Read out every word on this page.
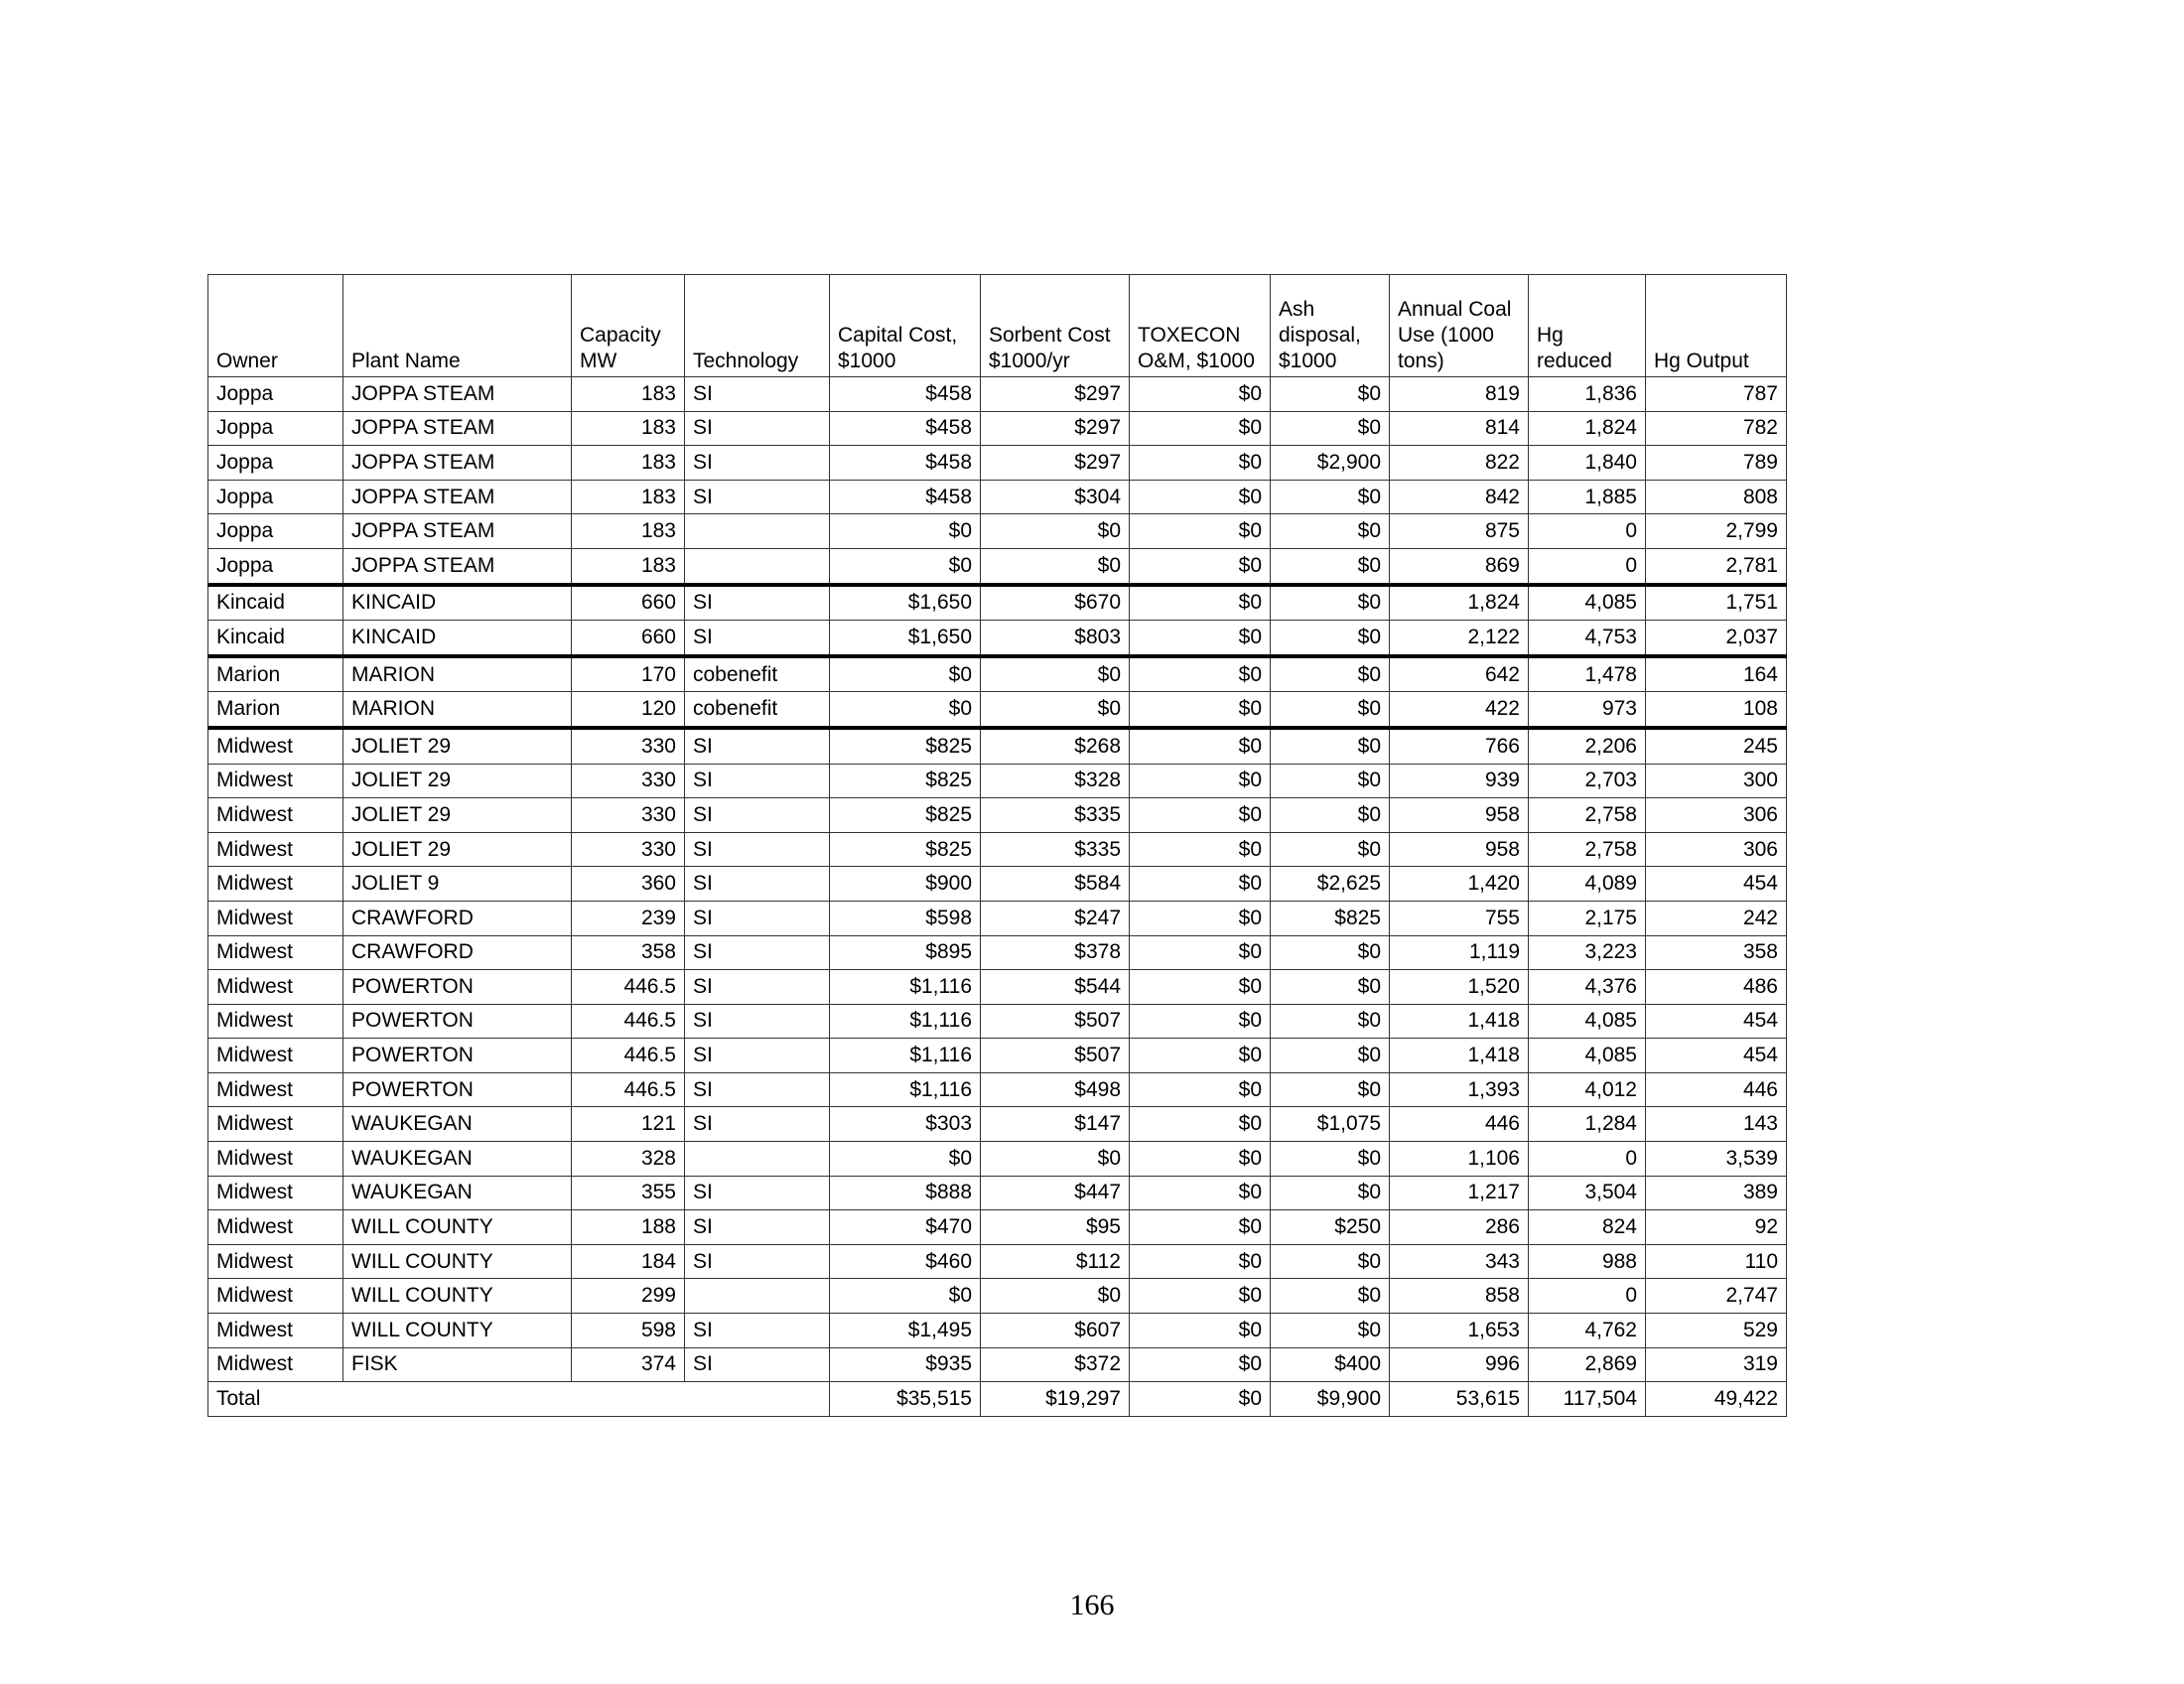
Owner	Plant Name	Capacity MW	Technology	Capital Cost, $1000	Sorbent Cost $1000/yr	TOXECON O&M, $1000	Ash disposal, $1000	Annual Coal Use (1000 tons)	Hg reduced	Hg Output
Joppa	JOPPA STEAM	183	SI	$458	$297	$0	$0	819	1,836	787
Joppa	JOPPA STEAM	183	SI	$458	$297	$0	$0	814	1,824	782
Joppa	JOPPA STEAM	183	SI	$458	$297	$0	$2,900	822	1,840	789
Joppa	JOPPA STEAM	183	SI	$458	$304	$0	$0	842	1,885	808
Joppa	JOPPA STEAM	183		$0	$0	$0	$0	875	0	2,799
Joppa	JOPPA STEAM	183		$0	$0	$0	$0	869	0	2,781
Kincaid	KINCAID	660	SI	$1,650	$670	$0	$0	1,824	4,085	1,751
Kincaid	KINCAID	660	SI	$1,650	$803	$0	$0	2,122	4,753	2,037
Marion	MARION	170	cobenefit	$0	$0	$0	$0	642	1,478	164
Marion	MARION	120	cobenefit	$0	$0	$0	$0	422	973	108
Midwest	JOLIET 29	330	SI	$825	$268	$0	$0	766	2,206	245
Midwest	JOLIET 29	330	SI	$825	$328	$0	$0	939	2,703	300
Midwest	JOLIET 29	330	SI	$825	$335	$0	$0	958	2,758	306
Midwest	JOLIET 29	330	SI	$825	$335	$0	$0	958	2,758	306
Midwest	JOLIET 9	360	SI	$900	$584	$0	$2,625	1,420	4,089	454
Midwest	CRAWFORD	239	SI	$598	$247	$0	$825	755	2,175	242
Midwest	CRAWFORD	358	SI	$895	$378	$0	$0	1,119	3,223	358
Midwest	POWERTON	446.5	SI	$1,116	$544	$0	$0	1,520	4,376	486
Midwest	POWERTON	446.5	SI	$1,116	$507	$0	$0	1,418	4,085	454
Midwest	POWERTON	446.5	SI	$1,116	$507	$0	$0	1,418	4,085	454
Midwest	POWERTON	446.5	SI	$1,116	$498	$0	$0	1,393	4,012	446
Midwest	WAUKEGAN	121	SI	$303	$147	$0	$1,075	446	1,284	143
Midwest	WAUKEGAN	328		$0	$0	$0	$0	1,106	0	3,539
Midwest	WAUKEGAN	355	SI	$888	$447	$0	$0	1,217	3,504	389
Midwest	WILL COUNTY	188	SI	$470	$95	$0	$250	286	824	92
Midwest	WILL COUNTY	184	SI	$460	$112	$0	$0	343	988	110
Midwest	WILL COUNTY	299		$0	$0	$0	$0	858	0	2,747
Midwest	WILL COUNTY	598	SI	$1,495	$607	$0	$0	1,653	4,762	529
Midwest	FISK	374	SI	$935	$372	$0	$400	996	2,869	319
Total				$35,515	$19,297	$0	$9,900	53,615	117,504	49,422
166
